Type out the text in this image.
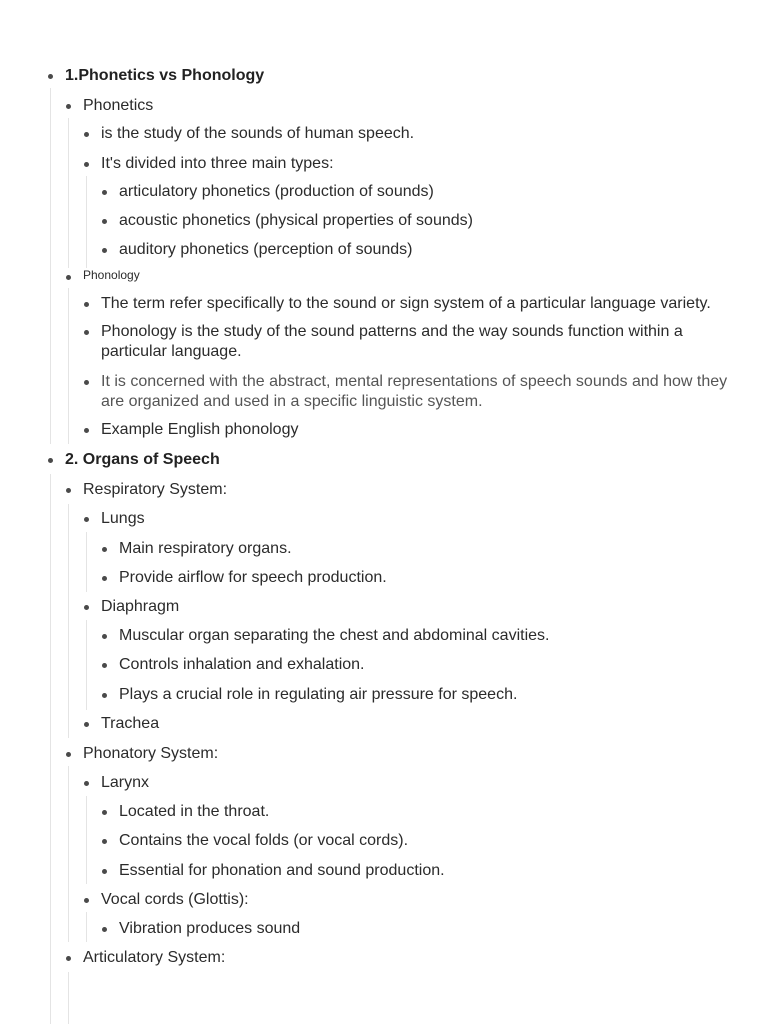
1.Phonetics vs Phonology
Phonetics
is the study of the sounds of human speech.
It's divided into three main types:
articulatory phonetics (production of sounds)
acoustic phonetics (physical properties of sounds)
auditory phonetics (perception of sounds)
Phonology
The term refer specifically to the sound or sign system of a particular language variety.
Phonology is the study of the sound patterns and the way sounds function within a particular language.
It is concerned with the abstract, mental representations of speech sounds and how they are organized and used in a specific linguistic system.
Example English phonology
2. Organs of Speech
Respiratory System:
Lungs
Main respiratory organs.
Provide airflow for speech production.
Diaphragm
Muscular organ separating the chest and abdominal cavities.
Controls inhalation and exhalation.
Plays a crucial role in regulating air pressure for speech.
Trachea
Phonatory System:
Larynx
Located in the throat.
Contains the vocal folds (or vocal cords).
Essential for phonation and sound production.
Vocal cords (Glottis):
Vibration produces sound
Articulatory System:
